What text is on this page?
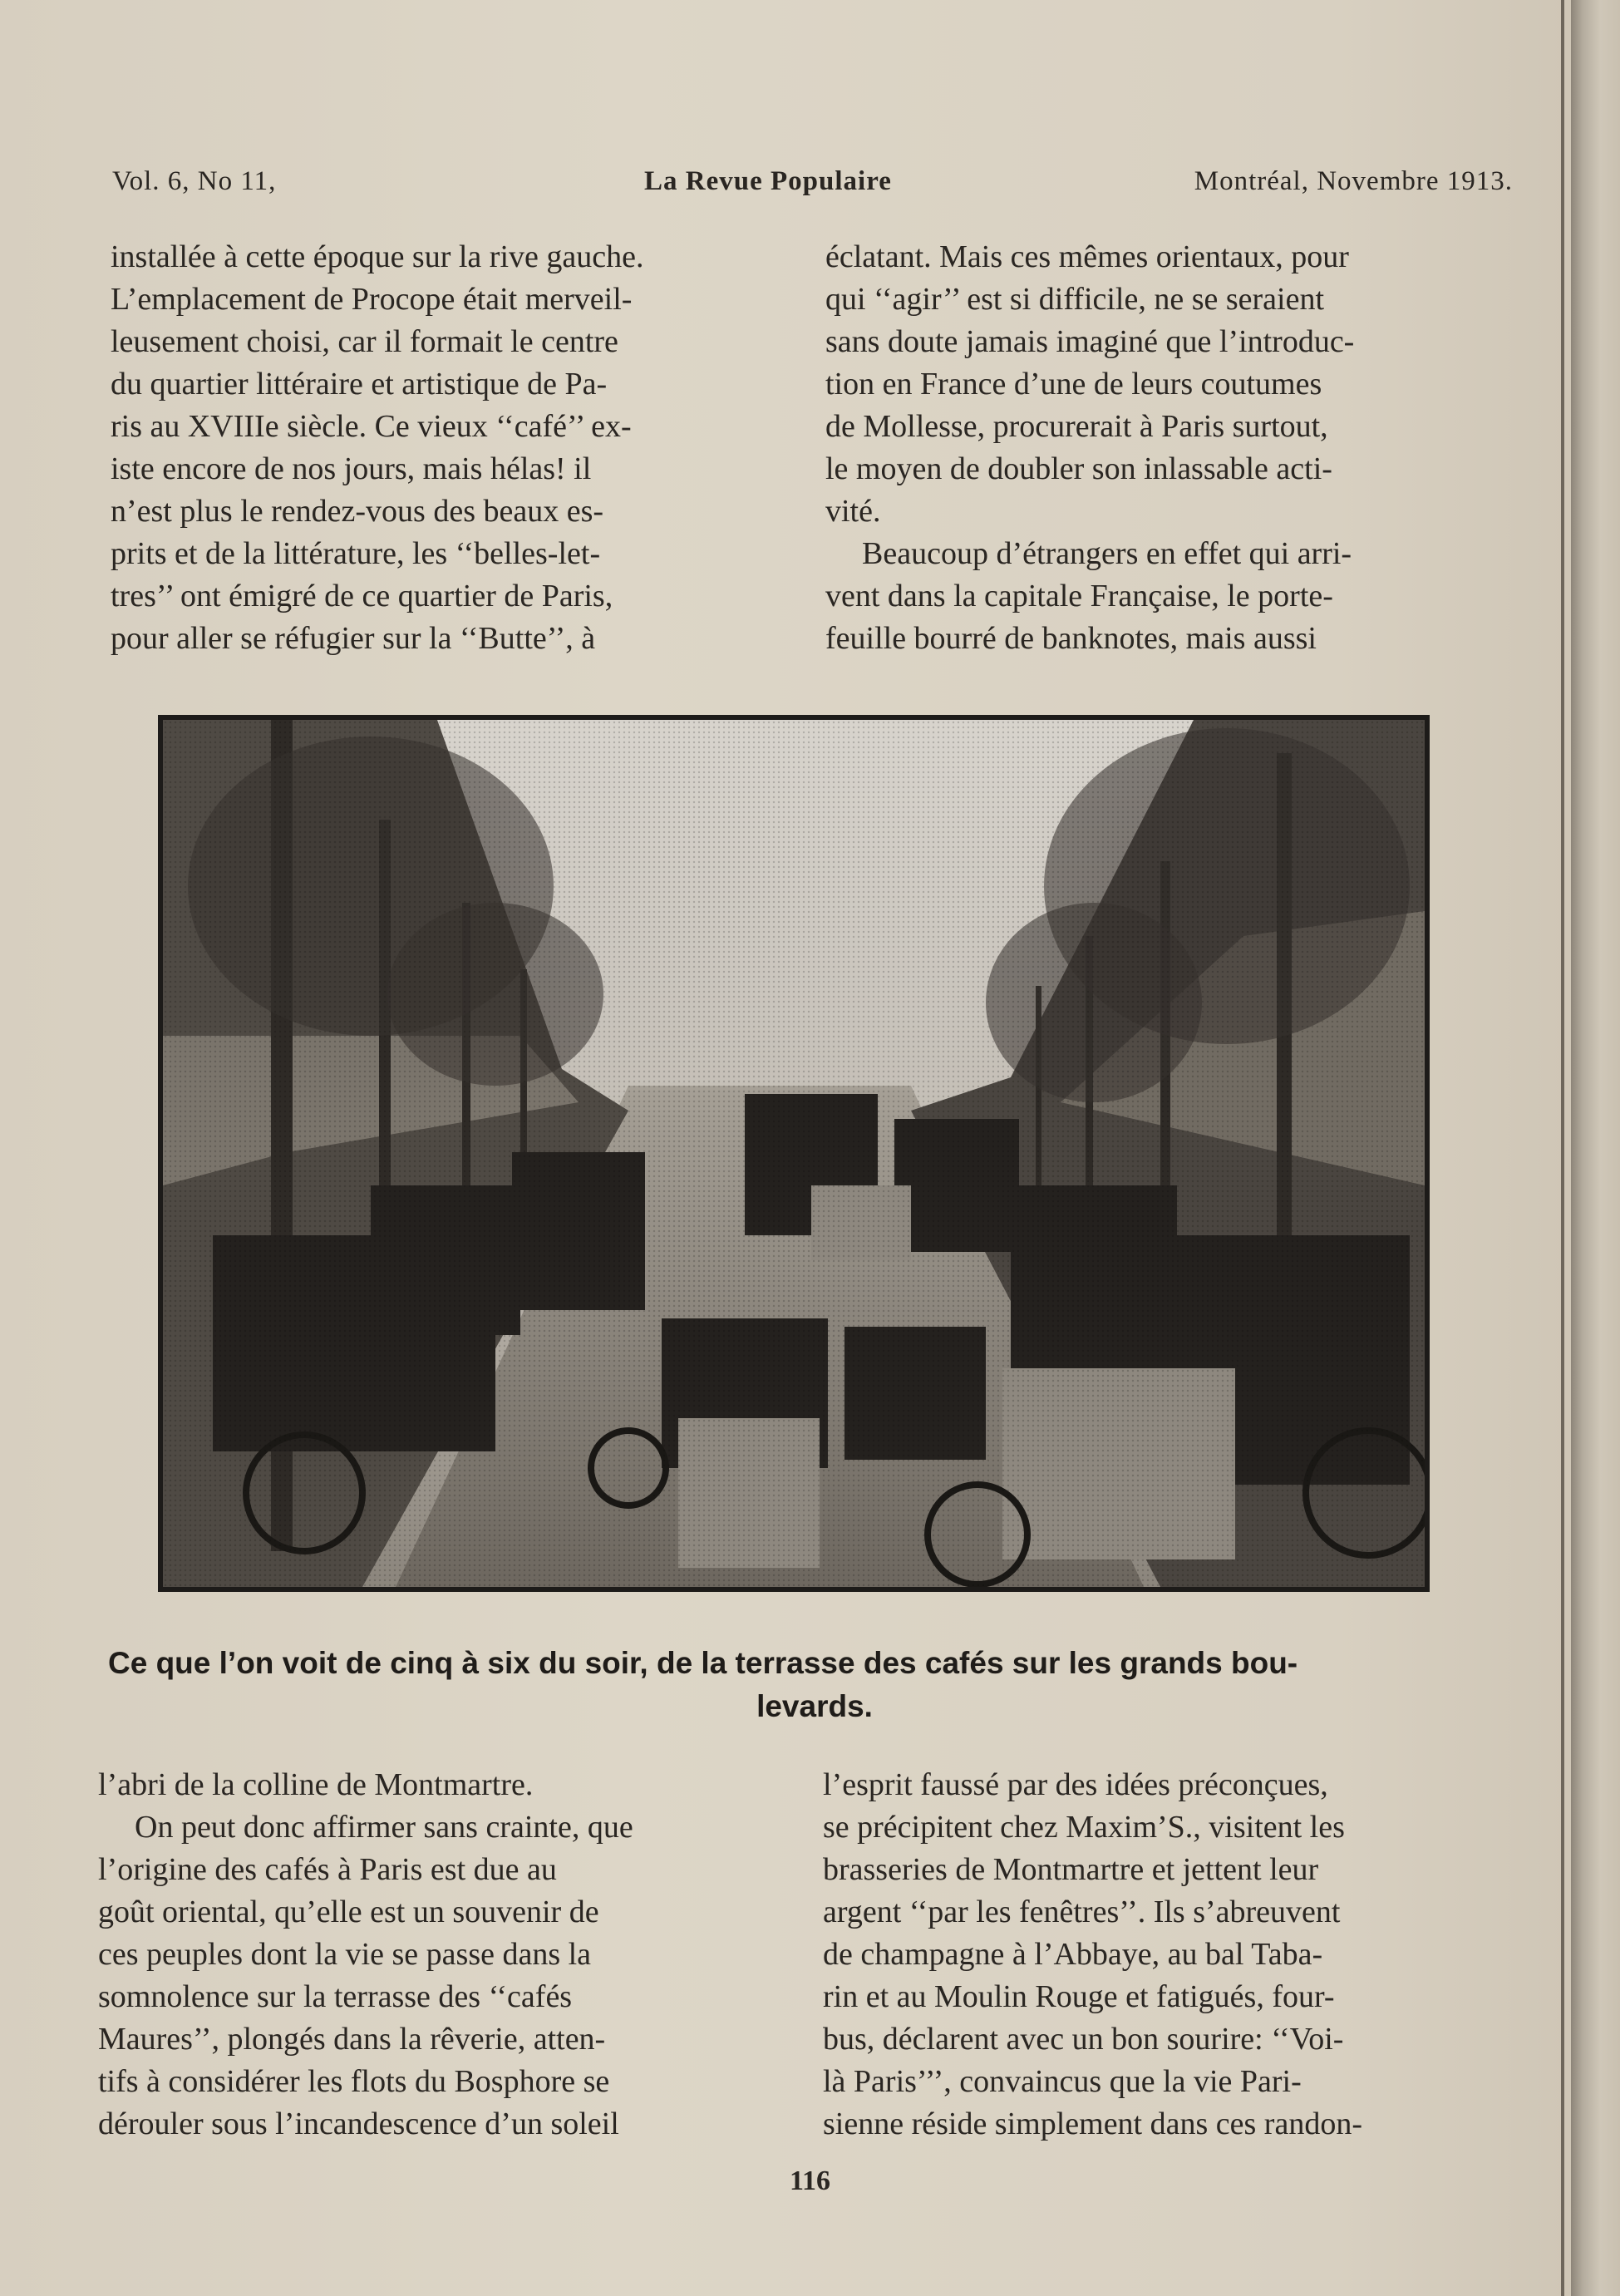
Vol. 6, No 11,	La Revue Populaire	Montréal, Novembre 1913.

installée à cette époque sur la rive gauche.

L’emplacement de Procope était merveil-

leusement choisi, car il formait le centre

du quartier littéraire et artistique de Pa-

ris au XVIIIe siècle. Ce vieux ‘‘café’’ ex-

iste encore de nos jours, mais hélas! il

n’est plus le rendez-vous des beaux es-

prits et de la littérature, les ‘‘belles-let-

tres’’ ont émigré de ce quartier de Paris,

pour aller se réfugier sur la ‘‘Butte’’, à

éclatant. Mais ces mêmes orientaux, pour

qui ‘‘agir’’ est si difficile, ne se seraient

sans doute jamais imaginé que l’introduc-

tion en France d’une de leurs coutumes

de Mollesse, procurerait à Paris surtout,

le moyen de doubler son inlassable acti-

vité.

Beaucoup d’étrangers en effet qui arri-

vent dans la capitale Française, le porte-

feuille bourré de banknotes, mais aussi

Ce que l’on voit de cinq à six du soir, de la terrasse des cafés sur les grands bou-
levards.

l’abri de la colline de Montmartre.

On peut donc affirmer sans crainte, que

l’origine des cafés à Paris est due au

goût oriental, qu’elle est un souvenir de

ces peuples dont la vie se passe dans la

somnolence sur la terrasse des ‘‘cafés

Maures’’, plongés dans la rêverie, atten-

tifs à considérer les flots du Bosphore se

dérouler sous l’incandescence d’un soleil

l’esprit faussé par des idées préconçues,

se précipitent chez Maxim’S., visitent les

brasseries de Montmartre et jettent leur

argent ‘‘par les fenêtres’’. Ils s’abreuvent

de champagne à l’Abbaye, au bal Taba-

rin et au Moulin Rouge et fatigués, four-

bus, déclarent avec un bon sourire: ‘‘Voi-

là Paris’’’, convaincus que la vie Pari-

sienne réside simplement dans ces randon-

116
